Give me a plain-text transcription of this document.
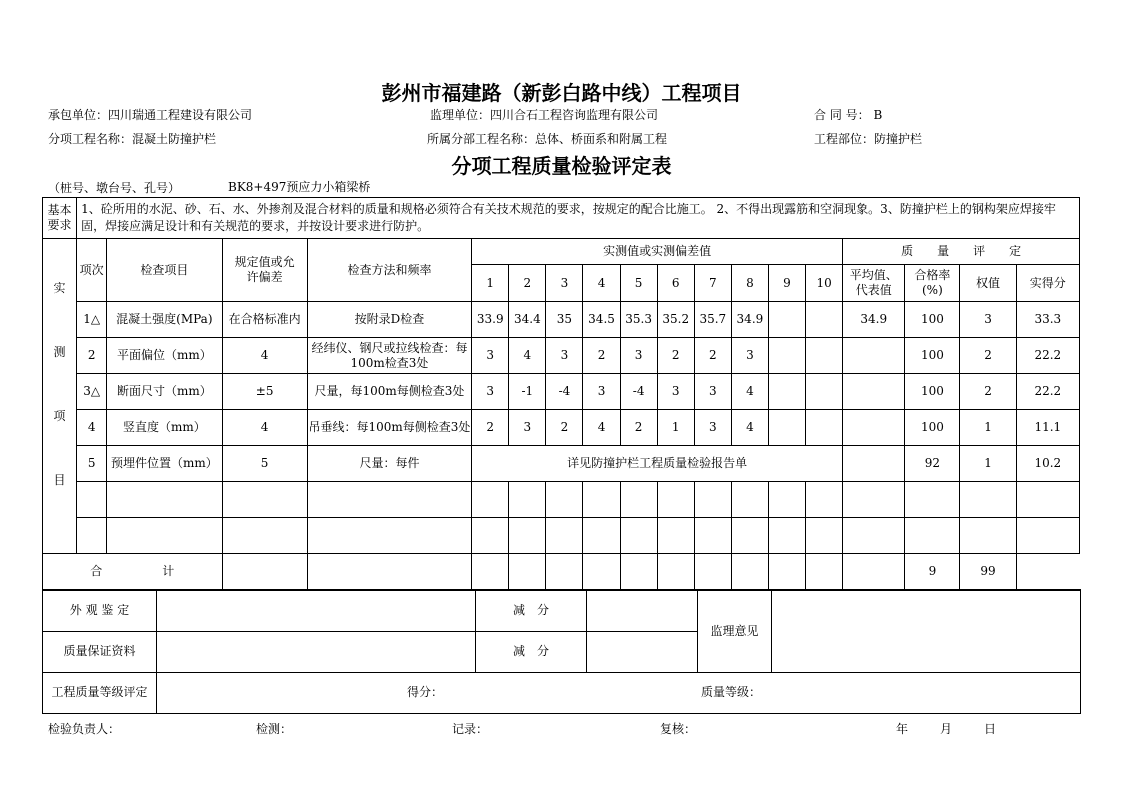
彭州市福建路（新彭白路中线）工程项目
承包单位：四川瑞通工程建设有限公司	监理单位：四川合石工程咨询监理有限公司	合 同 号： B
分项工程名称：混凝土防撞护栏	所属分部工程名称：总体、桥面系和附属工程	工程部位：防撞护栏
分项工程质量检验评定表
（桩号、墩台号、孔号）	BK8+497预应力小箱梁桥
基本要求	1、砼所用的水泥、砂、石、水、外掺剂及混合材料的质量和规格必须符合有关技术规范的要求，按规定的配合比施工。 2、不得出现露筋和空洞现象。3、防撞护栏上的钢构架应焊接牢固，焊接应满足设计和有关规范的要求，并按设计要求进行防护。																	

实
测
项
目	项次	检查项目	规定值或允许偏差	检查方法和频率	实测值或实测偏差值										质　　量　　评　　定			
					1	2	3	4	5	6	7	8	9	10	平均值、代表值	合格率(%)	权值	实得分
	1△	混凝土强度(MPa)	在合格标准内	按附录D检查	33.9	34.4	35	34.5	35.3	35.2	35.7	34.9			34.9	100	3	33.3
	2	平面偏位（mm）	4	经纬仪、钢尺或拉线检查：每100m检查3处	3	4	3	2	3	2	2	3				100	2	22.2
	3△	断面尺寸（mm）	±5	尺量，每100m每侧检查3处	3	-1	-4	3	-4	3	3	4				100	2	22.2
	4	竖直度（mm）	4	吊垂线：每100m每侧检查3处	2	3	2	4	2	1	3	4				100	1	11.1
	5	预埋件位置（mm）	5	尺量：每件	详见防撞护栏工程质量检验报告单											92	1	10.2

合　　　　　计																9	99	
外 观 鉴 定		减　分		监理意见	
质量保证资料		减　分			
工程质量等级评定	得分： 质量等级：				
检验负责人：	检测：	记录：	复核：	年	月	日
